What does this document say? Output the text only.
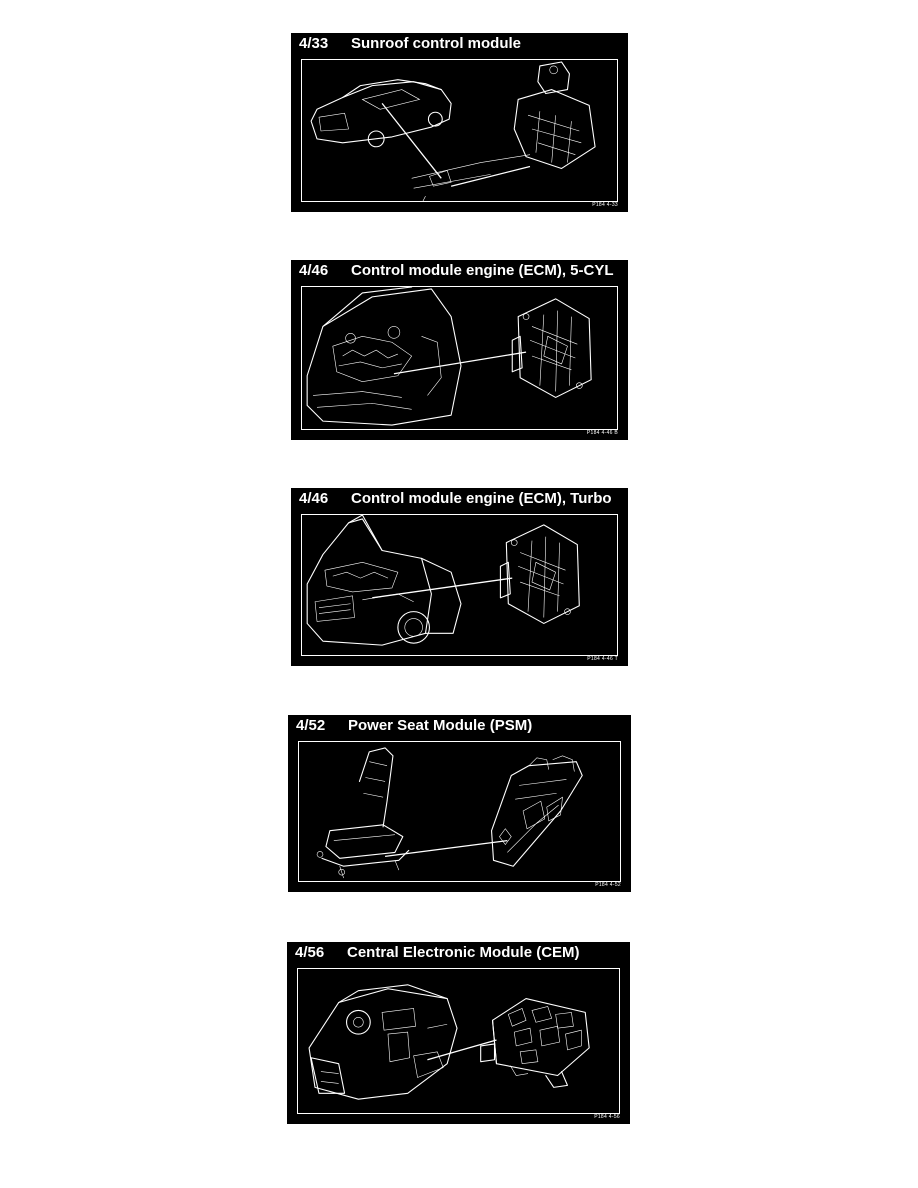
4/33 Sunroof control module
P184 4-33
4/46 Control module engine (ECM), 5-CYL
P184 4-46 B
4/46 Control module engine (ECM), Turbo
P184 4-46 T
4/52 Power Seat Module (PSM)
P184 4-52
4/56 Central Electronic Module (CEM)
P184 4-56
